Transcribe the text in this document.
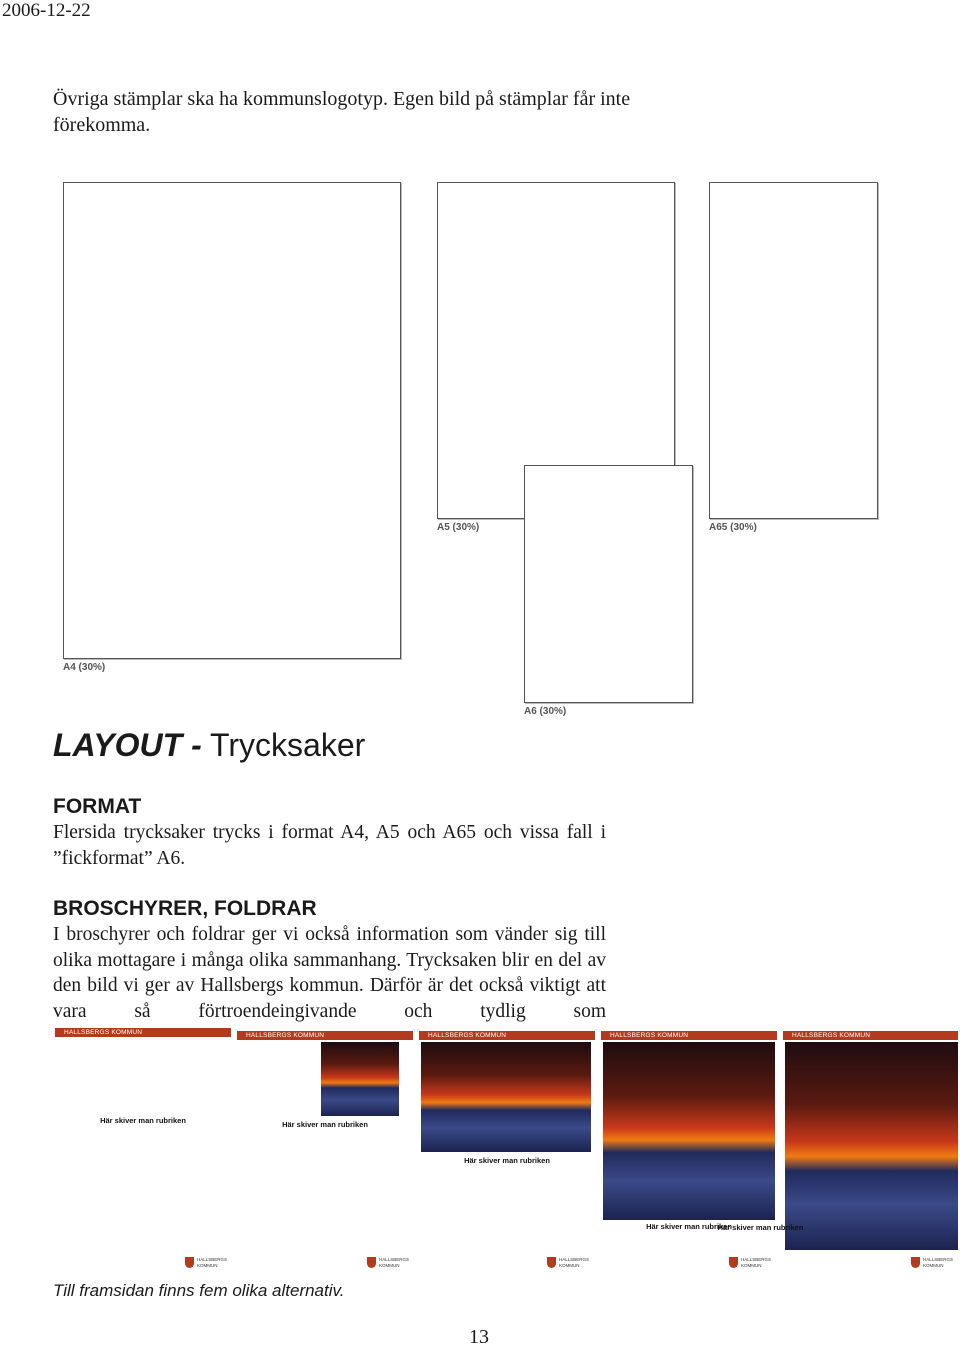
2006-12-22
Övriga stämplar ska ha kommunslogotyp. Egen bild på stämplar får inte förekomma.
A4 (30%)
A5 (30%)	A65 (30%)
A6 (30%)
LAYOUT - Trycksaker
FORMAT
Flersida trycksaker trycks i format A4, A5 och A65 och vissa fall i ”fickformat” A6.
BROSCHYRER, FOLDRAR
I broschyrer och foldrar ger vi också information som vänder sig till olika mottagare i många olika sammanhang. Trycksaken blir en del av den bild vi ger av Hallsbergs kommun. Därför är det också viktigt att vara så förtroendeingivande och tydlig som
HALLSBERGS KOMMUN
Här skiver man rubriken
HALLSBERGS
KOMMUN
HALLSBERGS KOMMUN
Här skiver man rubriken
HALLSBERGS
KOMMUN
HALLSBERGS KOMMUN
Här skiver man rubriken
HALLSBERGS
KOMMUN
HALLSBERGS KOMMUN
Här skiver man rubriken
HALLSBERGS
KOMMUN
HALLSBERGS KOMMUN
Här skiver man rubriken
HALLSBERGS
KOMMUN
Till framsidan finns fem olika alternativ.
13
